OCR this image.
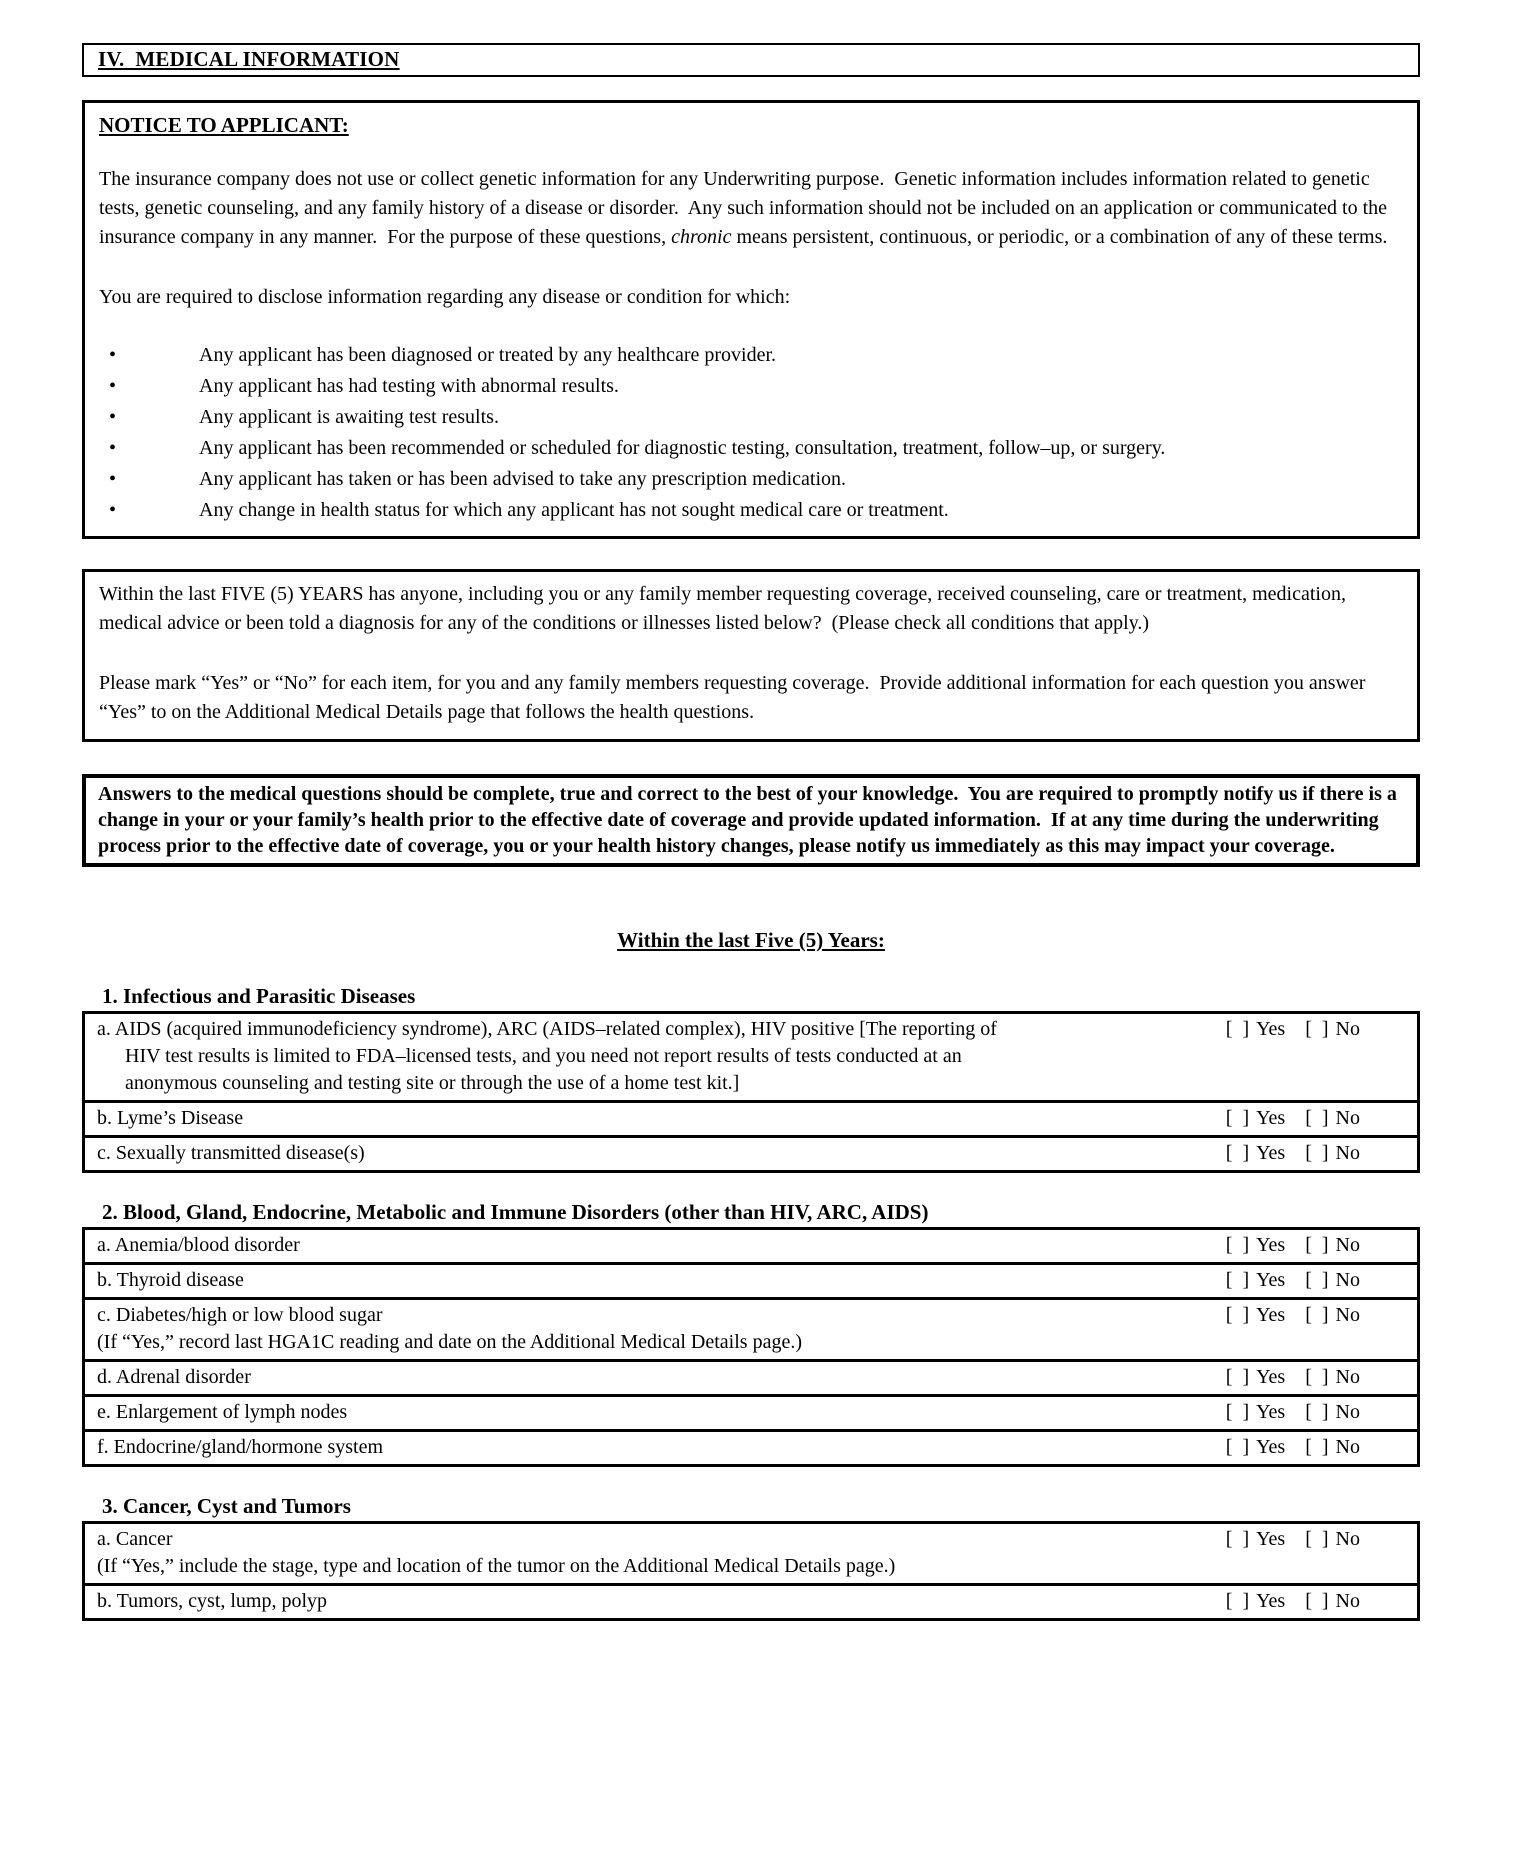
IV.  MEDICAL INFORMATION
NOTICE TO APPLICANT:

The insurance company does not use or collect genetic information for any Underwriting purpose.  Genetic information includes information related to genetic tests, genetic counseling, and any family history of a disease or disorder.  Any such information should not be included on an application or communicated to the insurance company in any manner.  For the purpose of these questions, chronic means persistent, continuous, or periodic, or a combination of any of these terms.

You are required to disclose information regarding any disease or condition for which:

•	Any applicant has been diagnosed or treated by any healthcare provider.
•	Any applicant has had testing with abnormal results.
•	Any applicant is awaiting test results.
•	Any applicant has been recommended or scheduled for diagnostic testing, consultation, treatment, follow–up, or surgery.
•	Any applicant has taken or has been advised to take any prescription medication.
•	Any change in health status for which any applicant has not sought medical care or treatment.

Within the last FIVE (5) YEARS has anyone, including you or any family member requesting coverage, received counseling, care or treatment, medication, medical advice or been told a diagnosis for any of the conditions or illnesses listed below?  (Please check all conditions that apply.)

Please mark “Yes” or “No” for each item, for you and any family members requesting coverage.  Provide additional information for each question you answer “Yes” to on the Additional Medical Details page that follows the health questions.

Answers to the medical questions should be complete, true and correct to the best of your knowledge.  You are required to promptly notify us if there is a change in your or your family’s health prior to the effective date of coverage and provide updated information.  If at any time during the underwriting process prior to the effective date of coverage, you or your health history changes, please notify us immediately as this may impact your coverage.

Within the last Five (5) Years:
1. Infectious and Parasitic Diseases
a. AIDS (acquired immunodeficiency syndrome), ARC (AIDS–related complex), HIV positive [The reporting of HIV test results is limited to FDA–licensed tests, and you need not report results of tests conducted at an anonymous counseling and testing site or through the use of a home test kit.]
[  ] Yes [  ] No
b. Lyme’s Disease	[  ] Yes [  ] No
c. Sexually transmitted disease(s)	[  ] Yes [  ] No
2. Blood, Gland, Endocrine, Metabolic and Immune Disorders (other than HIV, ARC, AIDS)
a. Anemia/blood disorder	[  ] Yes [  ] No
b. Thyroid disease	[  ] Yes [  ] No
c. Diabetes/high or low blood sugar	[  ] Yes [  ] No
(If “Yes,” record last HGA1C reading and date on the Additional Medical Details page.)
d. Adrenal disorder	[  ] Yes [  ] No
e. Enlargement of lymph nodes	[  ] Yes [  ] No
f. Endocrine/gland/hormone system	[  ] Yes [  ] No
3. Cancer, Cyst and Tumors
a. Cancer	[  ] Yes [  ] No
(If “Yes,” include the stage, type and location of the tumor on the Additional Medical Details page.)
b. Tumors, cyst, lump, polyp	[  ] Yes [  ] No
